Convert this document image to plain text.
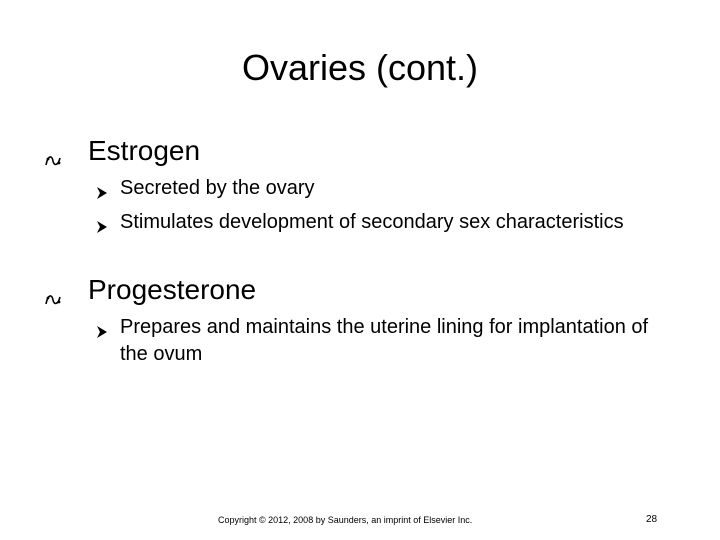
Ovaries (cont.)
Estrogen
Secreted by the ovary
Stimulates development of secondary sex characteristics
Progesterone
Prepares and maintains the uterine lining for implantation of the ovum
Copyright © 2012, 2008 by Saunders, an imprint of Elsevier Inc.	28
